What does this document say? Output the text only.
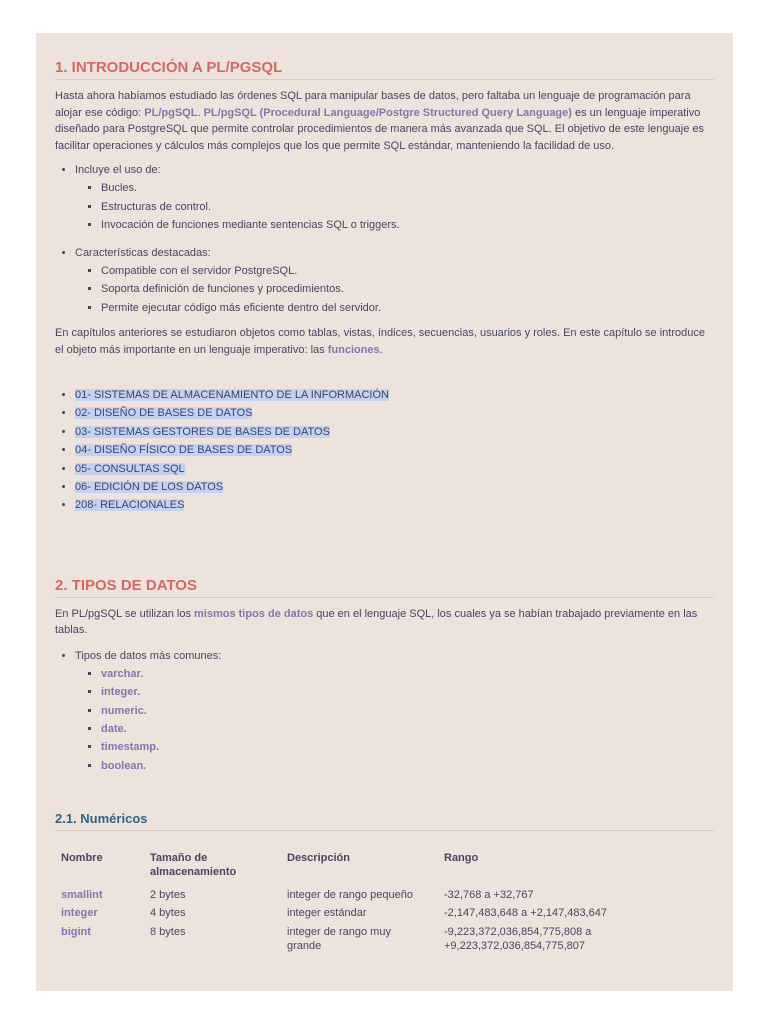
1. INTRODUCCIÓN A PL/PGSQL

Hasta ahora habíamos estudiado las órdenes SQL para manipular bases de datos, pero faltaba un lenguaje de programación para alojar ese código: PL/pgSQL. PL/pgSQL (Procedural Language/Postgre Structured Query Language) es un lenguaje imperativo diseñado para PostgreSQL que permite controlar procedimientos de manera más avanzada que SQL. El objetivo de este lenguaje es facilitar operaciones y cálculos más complejos que los que permite SQL estándar, manteniendo la facilidad de uso.

• Incluye el uso de:
▪ Bucles.
▪ Estructuras de control.
▪ Invocación de funciones mediante sentencias SQL o triggers.
• Características destacadas:
▪ Compatible con el servidor PostgreSQL.
▪ Soporta definición de funciones y procedimientos.
▪ Permite ejecutar código más eficiente dentro del servidor.

En capítulos anteriores se estudiaron objetos como tablas, vistas, índices, secuencias, usuarios y roles. En este capítulo se introduce el objeto más importante en un lenguaje imperativo: las funciones.

• 01- SISTEMAS DE ALMACENAMIENTO DE LA INFORMACIÓN
• 02- DISEÑO DE BASES DE DATOS
• 03- SISTEMAS GESTORES DE BASES DE DATOS
• 04- DISEÑO FÍSICO DE BASES DE DATOS
• 05- CONSULTAS SQL
• 06- EDICIÓN DE LOS DATOS
• 208- RELACIONALES
2. TIPOS DE DATOS

En PL/pgSQL se utilizan los mismos tipos de datos que en el lenguaje SQL, los cuales ya se habían trabajado previamente en las tablas.

• Tipos de datos más comunes:
▪ varchar.
▪ integer.
▪ numeric.
▪ date.
▪ timestamp.
▪ boolean.
2.1. Numéricos
Nombre	Tamaño de almacenamiento	Descripción	Rango
smallint	2 bytes	integer de rango pequeño	-32,768 a +32,767
integer	4 bytes	integer estándar	-2,147,483,648 a +2,147,483,647
bigint	8 bytes	integer de rango muy grande	-9,223,372,036,854,775,808 a +9,223,372,036,854,775,807
